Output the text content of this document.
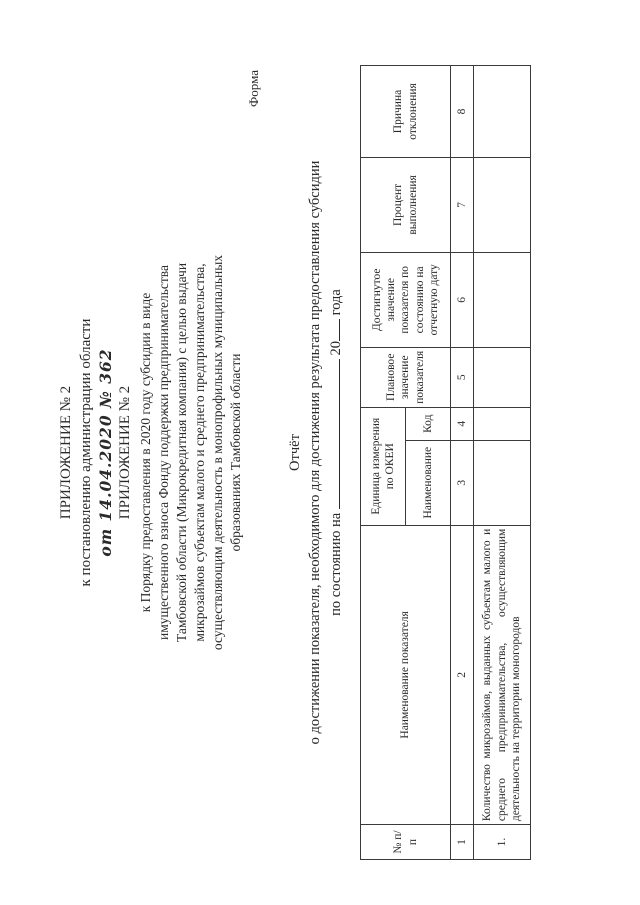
ПРИЛОЖЕНИЕ № 2 к постановлению администрации области от 14.04.2020 № 362 ПРИЛОЖЕНИЕ № 2 к Порядку предоставления в 2020 году субсидии в виде имущественного взноса Фонду поддержки предпринимательства Тамбовской области (Микрокредитная компания) с целью выдачи микрозаймов субъектам малого и среднего предпринимательства, осуществляющим деятельность в монопрофильных муниципальных образованиях Тамбовской области
Форма
Отчёт о достижении показателя, необходимого для достижения результата предоставления субсидии по состоянию на  20 года
№ п/п	Наименование показателя	Единица измерения по ОКЕИ		Плановое значение показателя	Достигнутое значение показателя по состоянию на отчетную дату	Процент выполнения	Причина отклонения
		Наименование	Код				
1	2	3	4	5	6	7	8
1.	Количество микрозаймов, выданных субъектам малого и среднего предпринимательства, осуществляющим деятельность на территории моногородов						
